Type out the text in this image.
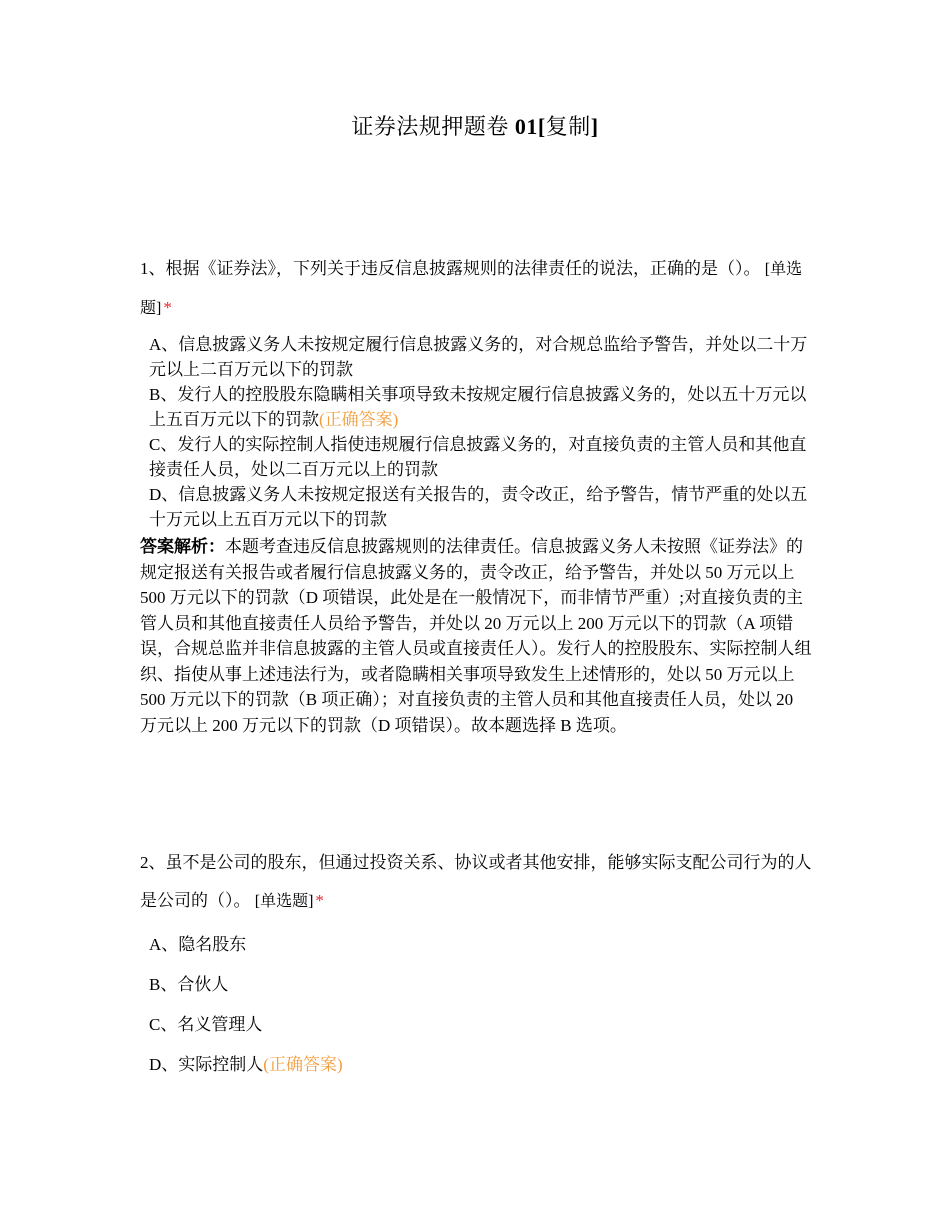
证券法规押题卷 01[复制]
1、根据《证券法》，下列关于违反信息披露规则的法律责任的说法，正确的是（）。 [单选题] *
A、信息披露义务人未按规定履行信息披露义务的，对合规总监给予警告，并处以二十万元以上二百万元以下的罚款
B、发行人的控股股东隐瞒相关事项导致未按规定履行信息披露义务的，处以五十万元以上五百万元以下的罚款(正确答案)
C、发行人的实际控制人指使违规履行信息披露义务的，对直接负责的主管人员和其他直接责任人员，处以二百万元以上的罚款
D、信息披露义务人未按规定报送有关报告的，责令改正，给予警告，情节严重的处以五十万元以上五百万元以下的罚款
答案解析：本题考查违反信息披露规则的法律责任。信息披露义务人未按照《证券法》的规定报送有关报告或者履行信息披露义务的，责令改正，给予警告，并处以 50 万元以上 500 万元以下的罚款（D 项错误，此处是在一般情况下，而非情节严重）;对直接负责的主管人员和其他直接责任人员给予警告，并处以 20 万元以上 200 万元以下的罚款（A 项错误，合规总监并非信息披露的主管人员或直接责任人）。发行人的控股股东、实际控制人组织、指使从事上述违法行为，或者隐瞒相关事项导致发生上述情形的，处以 50 万元以上 500 万元以下的罚款（B 项正确）；对直接负责的主管人员和其他直接责任人员，处以 20 万元以上 200 万元以下的罚款（D 项错误）。故本题选择 B 选项。
2、虽不是公司的股东，但通过投资关系、协议或者其他安排，能够实际支配公司行为的人是公司的（）。 [单选题] *
A、隐名股东
B、合伙人
C、名义管理人
D、实际控制人(正确答案)
